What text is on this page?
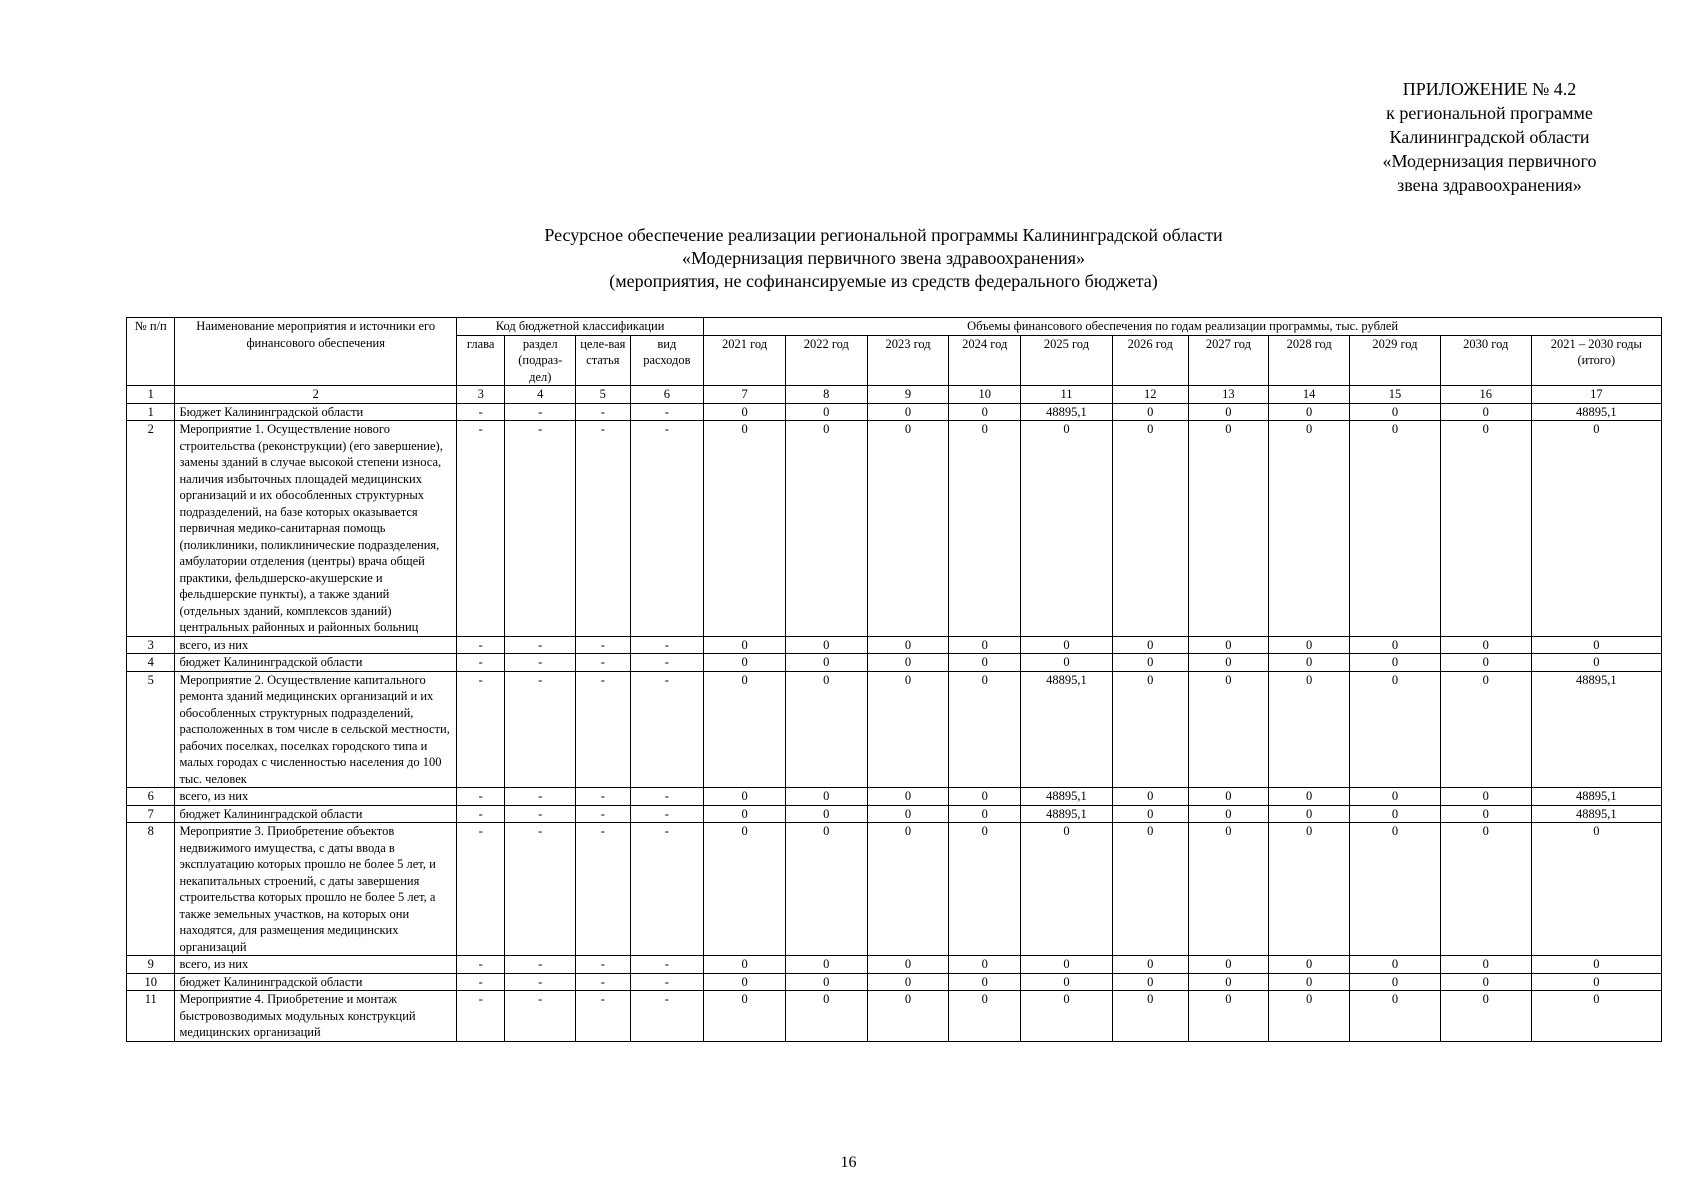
ПРИЛОЖЕНИЕ № 4.2
к региональной программе
Калининградской области
«Модернизация первичного
звена здравоохранения»
Ресурсное обеспечение реализации региональной программы Калининградской области
«Модернизация первичного звена здравоохранения»
(мероприятия, не софинансируемые из средств федерального бюджета)
№ п/п	Наименование мероприятия и источники его финансового обеспечения	Код бюджетной классификации				Объемы финансового обеспечения по годам реализации программы, тыс. рублей										
		глава	раздел (подраз-дел)	целе-вая статья	вид расходов	2021 год	2022 год	2023 год	2024 год	2025 год	2026 год	2027 год	2028 год	2029 год	2030 год	2021 – 2030 годы (итого)
1	2	3	4	5	6	7	8	9	10	11	12	13	14	15	16	17
1	Бюджет Калининградской области	-	-	-	-	0	0	0	0	48895,1	0	0	0	0	0	48895,1
2	Мероприятие 1. Осуществление нового строительства (реконструкции) (его завершение), замены зданий в случае высокой степени износа, наличия избыточных площадей медицинских организаций и их обособленных структурных подразделений, на базе которых оказывается первичная медико-санитарная помощь (поликлиники, поликлинические подразделения, амбулатории отделения (центры) врача общей практики, фельдшерско-акушерские и фельдшерские пункты), а также зданий (отдельных зданий, комплексов зданий) центральных районных и районных больниц	-	-	-	-	0	0	0	0	0	0	0	0	0	0	0
3	всего, из них	-	-	-	-	0	0	0	0	0	0	0	0	0	0	0
4	бюджет Калининградской области	-	-	-	-	0	0	0	0	0	0	0	0	0	0	0
5	Мероприятие 2. Осуществление капитального ремонта зданий медицинских организаций и их обособленных структурных подразделений, расположенных в том числе в сельской местности, рабочих поселках, поселках городского типа и малых городах с численностью населения до 100 тыс. человек	-	-	-	-	0	0	0	0	48895,1	0	0	0	0	0	48895,1
6	всего, из них	-	-	-	-	0	0	0	0	48895,1	0	0	0	0	0	48895,1
7	бюджет Калининградской области	-	-	-	-	0	0	0	0	48895,1	0	0	0	0	0	48895,1
8	Мероприятие 3. Приобретение объектов недвижимого имущества, с даты ввода в эксплуатацию которых прошло не более 5 лет, и некапитальных строений, с даты завершения строительства которых прошло не более 5 лет, а также земельных участков, на которых они находятся, для размещения медицинских организаций	-	-	-	-	0	0	0	0	0	0	0	0	0	0	0
9	всего, из них	-	-	-	-	0	0	0	0	0	0	0	0	0	0	0
10	бюджет Калининградской области	-	-	-	-	0	0	0	0	0	0	0	0	0	0	0
11	Мероприятие 4. Приобретение и монтаж быстровозводимых модульных конструкций медицинских организаций	-	-	-	-	0	0	0	0	0	0	0	0	0	0	0
16
